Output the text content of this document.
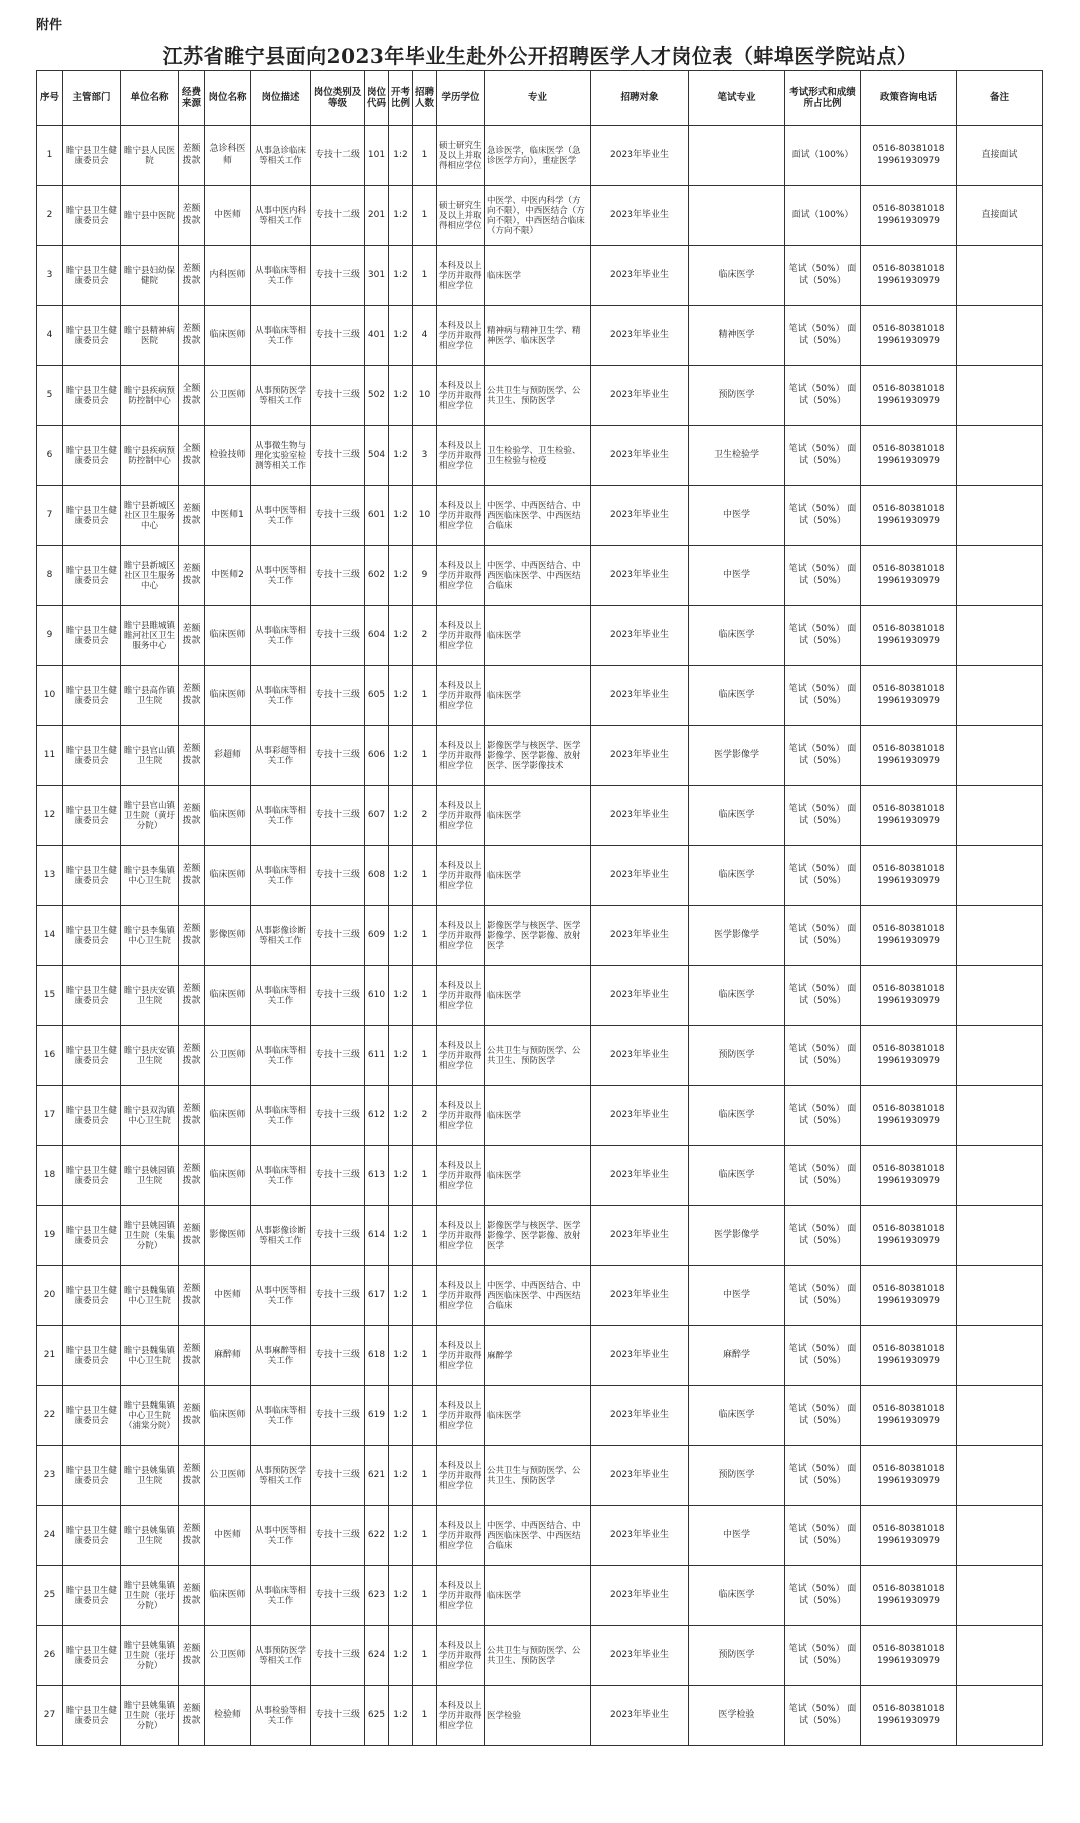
附件
江苏省睢宁县面向2023年毕业生赴外公开招聘医学人才岗位表（蚌埠医学院站点）
序号	主管部门	单位名称	经费来源	岗位名称	岗位描述	岗位类别及等级	岗位代码	开考比例	招聘人数	学历学位	专业	招聘对象	笔试专业	考试形式和成绩所占比例	政策咨询电话	备注
1	睢宁县卫生健康委员会	睢宁县人民医院	差额拨款	急诊科医师	从事急诊临床等相关工作	专技十二级	101	1:2	1	硕士研究生及以上并取得相应学位	急诊医学，临床医学（急诊医学方向），重症医学	2023年毕业生		面试（100%）	0516-80381018 19961930979	直接面试
2	睢宁县卫生健康委员会	睢宁县中医院	差额拨款	中医师	从事中医内科等相关工作	专技十二级	201	1:2	1	硕士研究生及以上并取得相应学位	中医学、中医内科学（方向不限），中西医结合（方向不限），中西医结合临床（方向不限）	2023年毕业生		面试（100%）	0516-80381018 19961930979	直接面试
3	睢宁县卫生健康委员会	睢宁县妇幼保健院	差额拨款	内科医师	从事临床等相关工作	专技十三级	301	1:2	1	本科及以上学历并取得相应学位	临床医学	2023年毕业生	临床医学	笔试（50%） 面试（50%）	0516-80381018 19961930979	
4	睢宁县卫生健康委员会	睢宁县精神病医院	差额拨款	临床医师	从事临床等相关工作	专技十三级	401	1:2	4	本科及以上学历并取得相应学位	精神病与精神卫生学、精神医学、临床医学	2023年毕业生	精神医学	笔试（50%） 面试（50%）	0516-80381018 19961930979	
5	睢宁县卫生健康委员会	睢宁县疾病预防控制中心	全额拨款	公卫医师	从事预防医学等相关工作	专技十三级	502	1:2	10	本科及以上学历并取得相应学位	公共卫生与预防医学、公共卫生、预防医学	2023年毕业生	预防医学	笔试（50%） 面试（50%）	0516-80381018 19961930979	
6	睢宁县卫生健康委员会	睢宁县疾病预防控制中心	全额拨款	检验技师	从事微生物与理化实验室检测等相关工作	专技十三级	504	1:2	3	本科及以上学历并取得相应学位	卫生检验学、卫生检验、卫生检验与检疫	2023年毕业生	卫生检验学	笔试（50%） 面试（50%）	0516-80381018 19961930979	
7	睢宁县卫生健康委员会	睢宁县新城区社区卫生服务中心	差额拨款	中医师1	从事中医等相关工作	专技十三级	601	1:2	10	本科及以上学历并取得相应学位	中医学、中西医结合、中西医临床医学、中西医结合临床	2023年毕业生	中医学	笔试（50%） 面试（50%）	0516-80381018 19961930979	
8	睢宁县卫生健康委员会	睢宁县新城区社区卫生服务中心	差额拨款	中医师2	从事中医等相关工作	专技十三级	602	1:2	9	本科及以上学历并取得相应学位	中医学、中西医结合、中西医临床医学、中西医结合临床	2023年毕业生	中医学	笔试（50%） 面试（50%）	0516-80381018 19961930979	
9	睢宁县卫生健康委员会	睢宁县睢城镇睢河社区卫生服务中心	差额拨款	临床医师	从事临床等相关工作	专技十三级	604	1:2	2	本科及以上学历并取得相应学位	临床医学	2023年毕业生	临床医学	笔试（50%） 面试（50%）	0516-80381018 19961930979	
10	睢宁县卫生健康委员会	睢宁县高作镇卫生院	差额拨款	临床医师	从事临床等相关工作	专技十三级	605	1:2	1	本科及以上学历并取得相应学位	临床医学	2023年毕业生	临床医学	笔试（50%） 面试（50%）	0516-80381018 19961930979	
11	睢宁县卫生健康委员会	睢宁县官山镇卫生院	差额拨款	彩超师	从事彩超等相关工作	专技十三级	606	1:2	1	本科及以上学历并取得相应学位	影像医学与核医学、医学影像学、医学影像、放射医学、医学影像技术	2023年毕业生	医学影像学	笔试（50%） 面试（50%）	0516-80381018 19961930979	
12	睢宁县卫生健康委员会	睢宁县官山镇卫生院（黄圩分院）	差额拨款	临床医师	从事临床等相关工作	专技十三级	607	1:2	2	本科及以上学历并取得相应学位	临床医学	2023年毕业生	临床医学	笔试（50%） 面试（50%）	0516-80381018 19961930979	
13	睢宁县卫生健康委员会	睢宁县李集镇中心卫生院	差额拨款	临床医师	从事临床等相关工作	专技十三级	608	1:2	1	本科及以上学历并取得相应学位	临床医学	2023年毕业生	临床医学	笔试（50%） 面试（50%）	0516-80381018 19961930979	
14	睢宁县卫生健康委员会	睢宁县李集镇中心卫生院	差额拨款	影像医师	从事影像诊断等相关工作	专技十三级	609	1:2	1	本科及以上学历并取得相应学位	影像医学与核医学、医学影像学、医学影像、放射医学	2023年毕业生	医学影像学	笔试（50%） 面试（50%）	0516-80381018 19961930979	
15	睢宁县卫生健康委员会	睢宁县庆安镇卫生院	差额拨款	临床医师	从事临床等相关工作	专技十三级	610	1:2	1	本科及以上学历并取得相应学位	临床医学	2023年毕业生	临床医学	笔试（50%） 面试（50%）	0516-80381018 19961930979	
16	睢宁县卫生健康委员会	睢宁县庆安镇卫生院	差额拨款	公卫医师	从事临床等相关工作	专技十三级	611	1:2	1	本科及以上学历并取得相应学位	公共卫生与预防医学、公共卫生、预防医学	2023年毕业生	预防医学	笔试（50%） 面试（50%）	0516-80381018 19961930979	
17	睢宁县卫生健康委员会	睢宁县双沟镇中心卫生院	差额拨款	临床医师	从事临床等相关工作	专技十三级	612	1:2	2	本科及以上学历并取得相应学位	临床医学	2023年毕业生	临床医学	笔试（50%） 面试（50%）	0516-80381018 19961930979	
18	睢宁县卫生健康委员会	睢宁县姚园镇卫生院	差额拨款	临床医师	从事临床等相关工作	专技十三级	613	1:2	1	本科及以上学历并取得相应学位	临床医学	2023年毕业生	临床医学	笔试（50%） 面试（50%）	0516-80381018 19961930979	
19	睢宁县卫生健康委员会	睢宁县姚园镇卫生院（朱集分院）	差额拨款	影像医师	从事影像诊断等相关工作	专技十三级	614	1:2	1	本科及以上学历并取得相应学位	影像医学与核医学、医学影像学、医学影像、放射医学	2023年毕业生	医学影像学	笔试（50%） 面试（50%）	0516-80381018 19961930979	
20	睢宁县卫生健康委员会	睢宁县魏集镇中心卫生院	差额拨款	中医师	从事中医等相关工作	专技十三级	617	1:2	1	本科及以上学历并取得相应学位	中医学、中西医结合、中西医临床医学、中西医结合临床	2023年毕业生	中医学	笔试（50%） 面试（50%）	0516-80381018 19961930979	
21	睢宁县卫生健康委员会	睢宁县魏集镇中心卫生院	差额拨款	麻醉师	从事麻醉等相关工作	专技十三级	618	1:2	1	本科及以上学历并取得相应学位	麻醉学	2023年毕业生	麻醉学	笔试（50%） 面试（50%）	0516-80381018 19961930979	
22	睢宁县卫生健康委员会	睢宁县魏集镇中心卫生院（浦棠分院）	差额拨款	临床医师	从事临床等相关工作	专技十三级	619	1:2	1	本科及以上学历并取得相应学位	临床医学	2023年毕业生	临床医学	笔试（50%） 面试（50%）	0516-80381018 19961930979	
23	睢宁县卫生健康委员会	睢宁县姚集镇卫生院	差额拨款	公卫医师	从事预防医学等相关工作	专技十三级	621	1:2	1	本科及以上学历并取得相应学位	公共卫生与预防医学、公共卫生、预防医学	2023年毕业生	预防医学	笔试（50%） 面试（50%）	0516-80381018 19961930979	
24	睢宁县卫生健康委员会	睢宁县姚集镇卫生院	差额拨款	中医师	从事中医等相关工作	专技十三级	622	1:2	1	本科及以上学历并取得相应学位	中医学、中西医结合、中西医临床医学、中西医结合临床	2023年毕业生	中医学	笔试（50%） 面试（50%）	0516-80381018 19961930979	
25	睢宁县卫生健康委员会	睢宁县姚集镇卫生院（张圩分院）	差额拨款	临床医师	从事临床等相关工作	专技十三级	623	1:2	1	本科及以上学历并取得相应学位	临床医学	2023年毕业生	临床医学	笔试（50%） 面试（50%）	0516-80381018 19961930979	
26	睢宁县卫生健康委员会	睢宁县姚集镇卫生院（张圩分院）	差额拨款	公卫医师	从事预防医学等相关工作	专技十三级	624	1:2	1	本科及以上学历并取得相应学位	公共卫生与预防医学、公共卫生、预防医学	2023年毕业生	预防医学	笔试（50%） 面试（50%）	0516-80381018 19961930979	
27	睢宁县卫生健康委员会	睢宁县姚集镇卫生院（张圩分院）	差额拨款	检验师	从事检验等相关工作	专技十三级	625	1:2	1	本科及以上学历并取得相应学位	医学检验	2023年毕业生	医学检验	笔试（50%） 面试（50%）	0516-80381018 19961930979	
